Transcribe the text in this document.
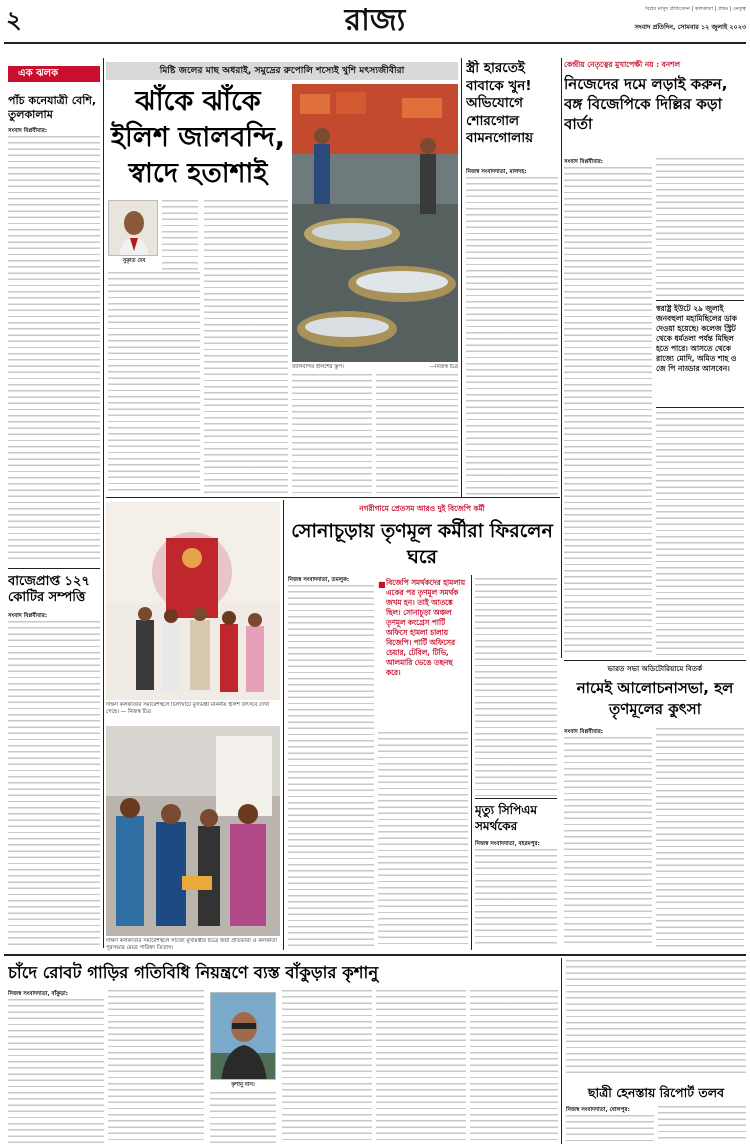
২	রাজ্য	বিপ্লব মাসুদ প্রতিবেদন | কলকাতা | প্রথম | নেতৃত্ব
সংবাদ প্রতিদিন, সোমবার ১২ জুলাই ২০২৩
এক ঝলক
পাঁচ কনেযাত্রী বেশি, তুলকালাম
সংবাদ বিপ্লবীবার:
বাজেপ্রাপ্ত ১২৭ কোটির সম্পত্তি
সংবাদ বিপ্লবীবার:
মিষ্টি জলের মাছ অধরাই, সমুদ্রের রুপোলি শস্যেই খুশি মৎস্যজীবীরা
ঝাঁকে ঝাঁকে ইলিশ জালবন্দি, স্বাদে হতাশাই
সুকৃতি দেব
জালবন্দির ইলিশের স্তূপ।	—নিজস্ব চিত্র
স্ত্রী হারতেই বাবাকে খুন! অভিযোগে শোরগোল বামনগোলায়
নিজস্ব সংবাদদাতা, মালদহ:
কেন্দ্রীয় নেতৃত্বের মুখাপেক্ষী নয় : বনশল
নিজেদের দমে লড়াই করুন, বঙ্গ বিজেপিকে দিল্লির কড়া বার্তা
সংবাদ বিপ্লবীবার:
স্বরাষ্ট্র ইউটে ২৯ জুলাই জনবহুলা মহামিছিলের ডাক দেওয়া হয়েছে। কলেজ স্ট্রিট থেকে ধর্মতলা পর্যন্ত মিছিল হতে পারে। আসতে থেকে রাজ্যে মোদি, অমিত শাহ ও জে পি নাড্ডার আসবেন।
দক্ষিণ কলকাতার সমাবেশস্থলে চিলাঘাটে মুখ্যমন্ত্রী মাননীয় ইলিশ উৎসবে দেখা গেছে। — নিজস্ব চিত্র
দক্ষিণ কলকাতার সমাবেশস্থলে সাজো মুখ্যমন্ত্রীর চিত্রে জয়ী প্রতিভারা ও কলকাতা পুরসভার মেয়র পারিষদ তিতাস।
নগরীগামে প্রেতসম আরও দুই বিজেপি কর্মী
সোনাচূড়ায় তৃণমূল কর্মীরা ফিরলেন ঘরে
নিজস্ব সংবাদদাতা, তমলুক:	■ বিজেপি সমর্থকদের হামলায় একের পর তৃণমূল সমর্থক জখম হন। তাই আতঙ্কে ছিল। সোনাচূড়া অঞ্চল তৃণমূল কংগ্রেস পার্টি অফিসে হামলা চালায় বিজেপি। পার্টি অফিসের চেয়ার, টেবিল, টিভি, আলমারি ভেঙে তছনছ করে।
মৃত্যু সিপিএম সমর্থকের
নিজস্ব সংবাদদাতা, বহরমপুর:
ভারত সভা অডিটোরিয়ামে বিতর্ক
নামেই আলোচনাসভা, হল তৃণমূলের কুৎসা
সংবাদ বিপ্লবীবার:
চাঁদে রোবট গাড়ির গতিবিধি নিয়ন্ত্রণে ব্যস্ত বাঁকুড়ার কৃশানু
নিজস্ব সংবাদদাতা, বাঁকুড়া:
কৃশানু দাস।	ছাত্রী হেনস্তায় রিপোর্ট তলব
নিজস্ব সংবাদদাতা, বোলপুর:
